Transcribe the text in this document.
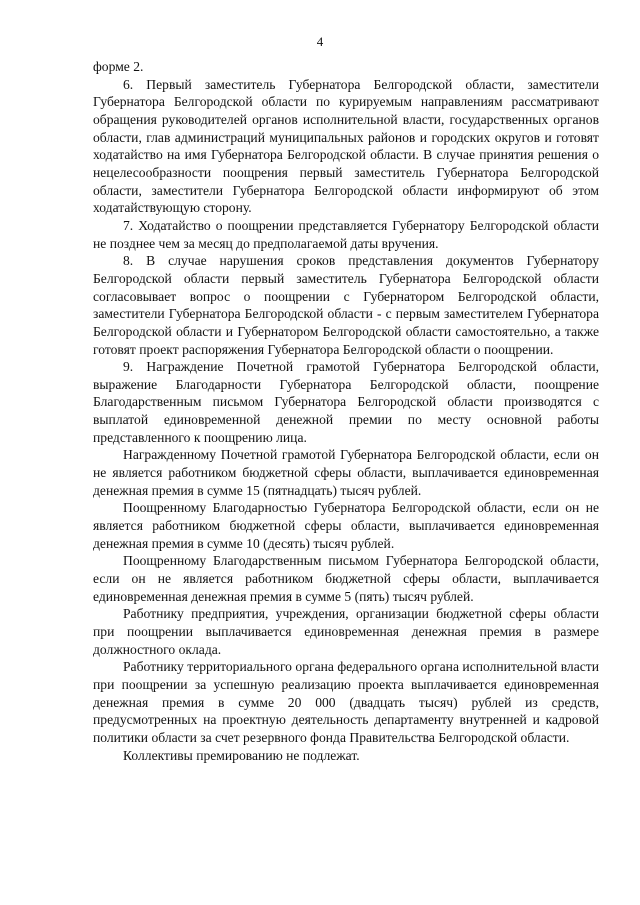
4

форме 2.

6. Первый заместитель Губернатора Белгородской области, заместители Губернатора Белгородской области по курируемым направлениям рассматривают обращения руководителей органов исполнительной власти, государственных органов области, глав администраций муниципальных районов и городских округов и готовят ходатайство на имя Губернатора Белгородской области. В случае принятия решения о нецелесообразности поощрения первый заместитель Губернатора Белгородской области, заместители Губернатора Белгородской области информируют об этом ходатайствующую сторону.

7. Ходатайство о поощрении представляется Губернатору Белгородской области не позднее чем за месяц до предполагаемой даты вручения.

8. В случае нарушения сроков представления документов Губернатору Белгородской области первый заместитель Губернатора Белгородской области согласовывает вопрос о поощрении с Губернатором Белгородской области, заместители Губернатора Белгородской области - с первым заместителем Губернатора Белгородской области и Губернатором Белгородской области самостоятельно, а также готовят проект распоряжения Губернатора Белгородской области о поощрении.

9. Награждение Почетной грамотой Губернатора Белгородской области, выражение Благодарности Губернатора Белгородской области, поощрение Благодарственным письмом Губернатора Белгородской области производятся с выплатой единовременной денежной премии по месту основной работы представленного к поощрению лица.

Награжденному Почетной грамотой Губернатора Белгородской области, если он не является работником бюджетной сферы области, выплачивается единовременная денежная премия в сумме 15 (пятнадцать) тысяч рублей.

Поощренному Благодарностью Губернатора Белгородской области, если он не является работником бюджетной сферы области, выплачивается единовременная денежная премия в сумме 10 (десять) тысяч рублей.

Поощренному Благодарственным письмом Губернатора Белгородской области, если он не является работником бюджетной сферы области, выплачивается единовременная денежная премия в сумме 5 (пять) тысяч рублей.

Работнику предприятия, учреждения, организации бюджетной сферы области при поощрении выплачивается единовременная денежная премия в размере должностного оклада.

Работнику территориального органа федерального органа исполнительной власти при поощрении за успешную реализацию проекта выплачивается единовременная денежная премия в сумме 20 000 (двадцать тысяч) рублей из средств, предусмотренных на проектную деятельность департаменту внутренней и кадровой политики области за счет резервного фонда Правительства Белгородской области.

Коллективы премированию не подлежат.
